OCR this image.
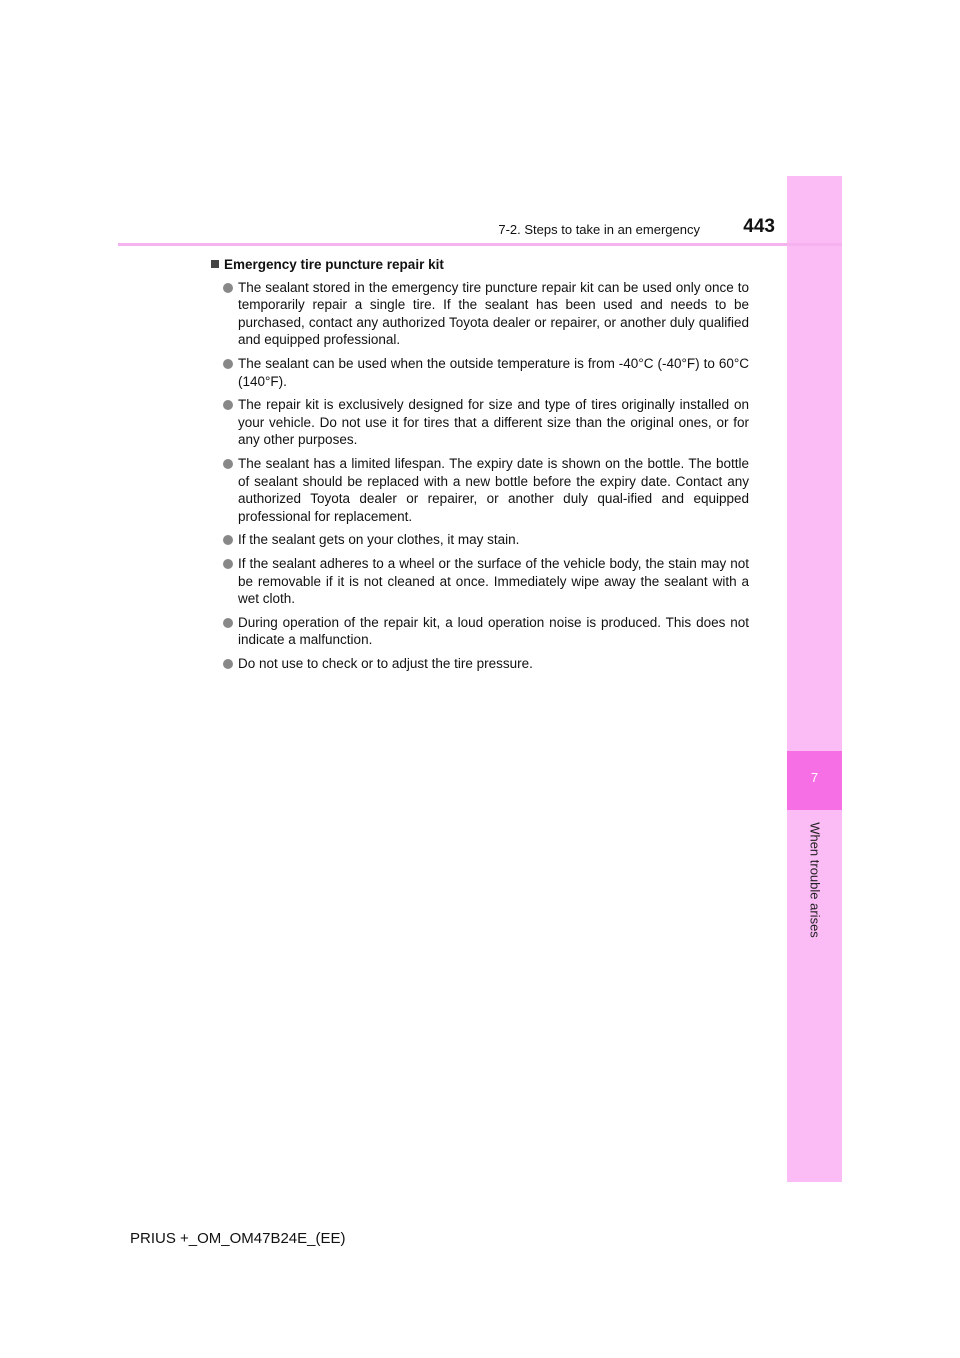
7
When trouble arises
7-2. Steps to take in an emergency	443
Emergency tire puncture repair kit
The sealant stored in the emergency tire puncture repair kit can be used only once to temporarily repair a single tire. If the sealant has been used and needs to be purchased, contact any authorized Toyota dealer or repairer, or another duly qualified and equipped professional.
The sealant can be used when the outside temperature is from -40°C (-40°F) to 60°C (140°F).
The repair kit is exclusively designed for size and type of tires originally installed on your vehicle. Do not use it for tires that a different size than the original ones, or for any other purposes.
The sealant has a limited lifespan. The expiry date is shown on the bottle. The bottle of sealant should be replaced with a new bottle before the expiry date. Contact any authorized Toyota dealer or repairer, or another duly qual-ified and equipped professional for replacement.
If the sealant gets on your clothes, it may stain.
If the sealant adheres to a wheel or the surface of the vehicle body, the stain may not be removable if it is not cleaned at once. Immediately wipe away the sealant with a wet cloth.
During operation of the repair kit, a loud operation noise is produced. This does not indicate a malfunction.
Do not use to check or to adjust the tire pressure.
PRIUS +_OM_OM47B24E_(EE)
